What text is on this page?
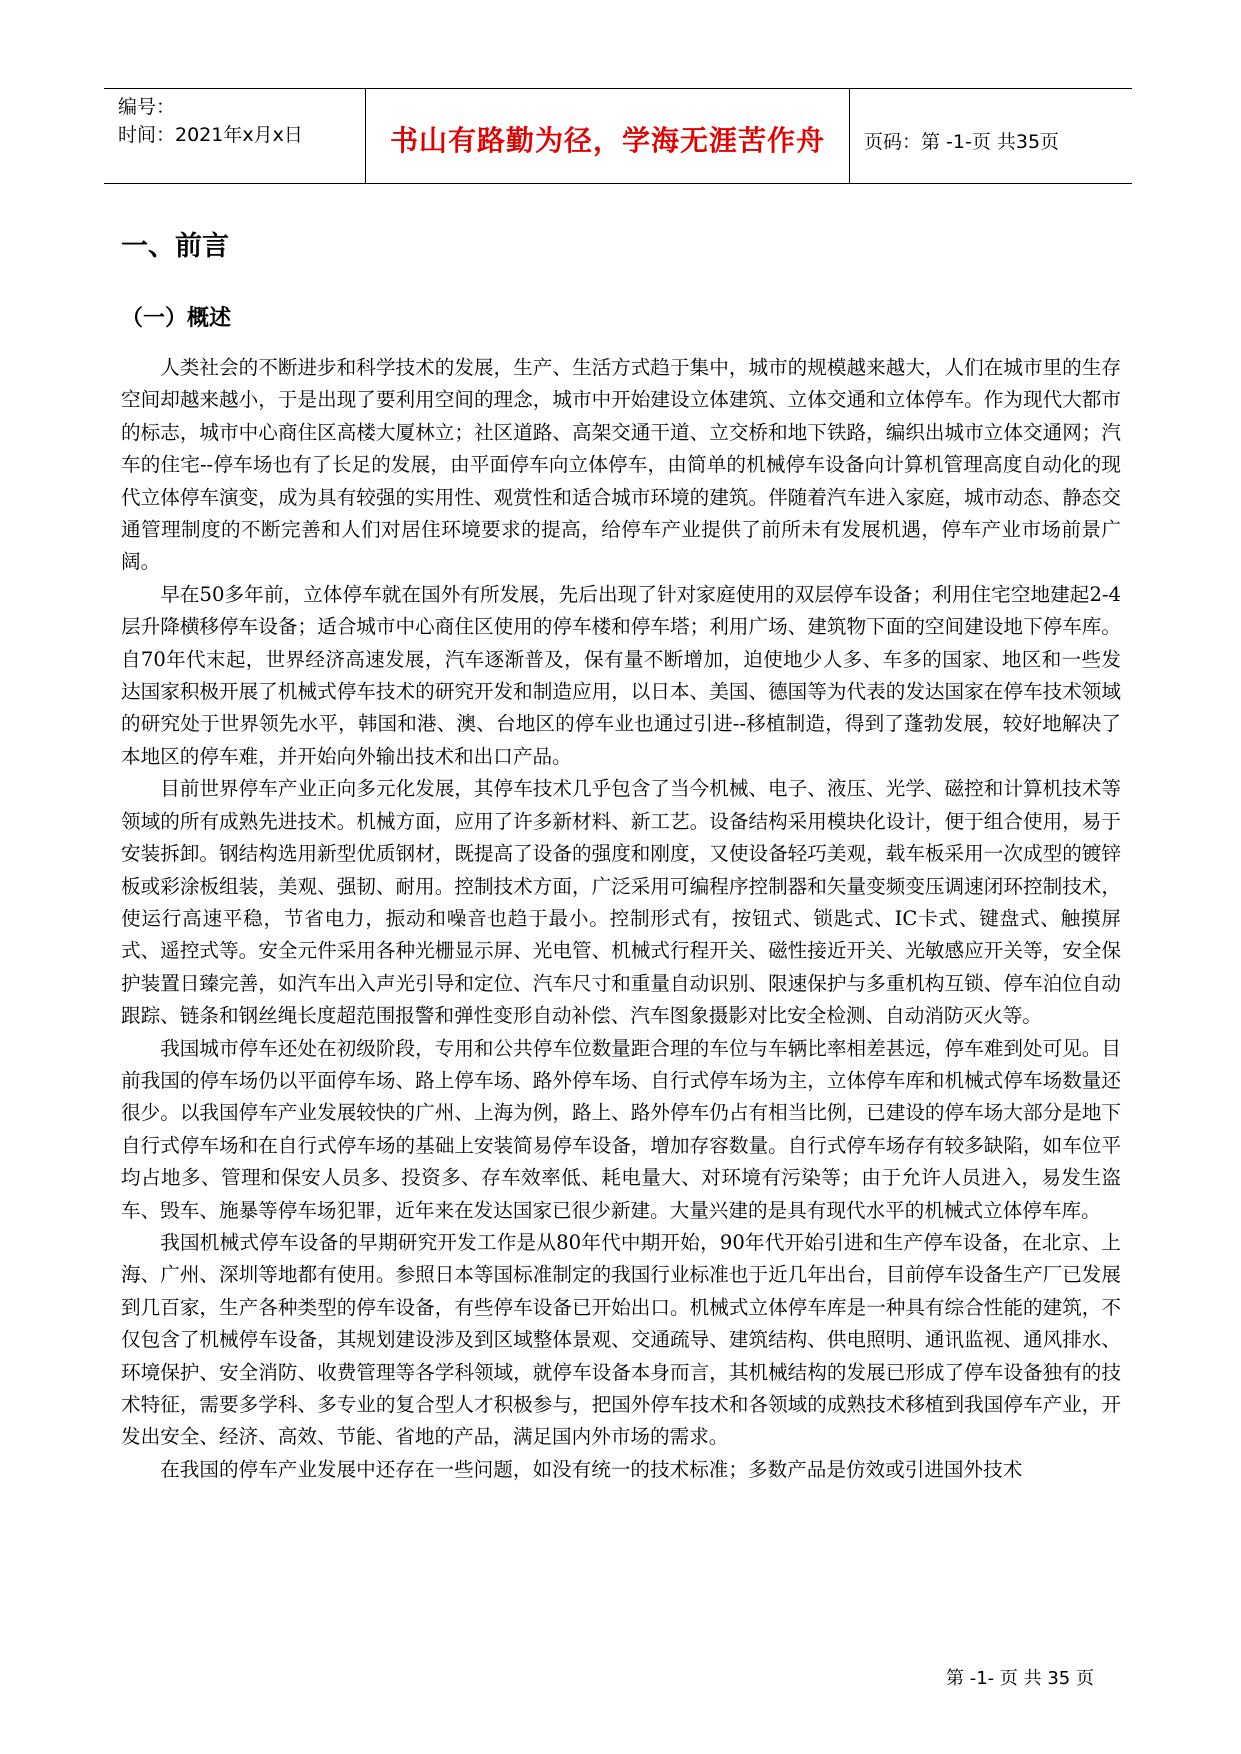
编号：
时间：2021年x月x日	书山有路勤为径，学海无涯苦作舟	页码：第 -1-页 共35页
一、前言
（一）概述

人类社会的不断进步和科学技术的发展，生产、生活方式趋于集中，城市的规模越来越大，人们在城市里的生存空间却越来越小，于是出现了要利用空间的理念，城市中开始建设立体建筑、立体交通和立体停车。作为现代大都市的标志，城市中心商住区高楼大厦林立；社区道路、高架交通干道、立交桥和地下铁路，编织出城市立体交通网；汽车的住宅--停车场也有了长足的发展，由平面停车向立体停车，由简单的机械停车设备向计算机管理高度自动化的现代立体停车演变，成为具有较强的实用性、观赏性和适合城市环境的建筑。伴随着汽车进入家庭，城市动态、静态交通管理制度的不断完善和人们对居住环境要求的提高，给停车产业提供了前所未有发展机遇，停车产业市场前景广阔。

早在50多年前，立体停车就在国外有所发展，先后出现了针对家庭使用的双层停车设备；利用住宅空地建起2-4层升降横移停车设备；适合城市中心商住区使用的停车楼和停车塔；利用广场、建筑物下面的空间建设地下停车库。自70年代末起，世界经济高速发展，汽车逐渐普及，保有量不断增加，迫使地少人多、车多的国家、地区和一些发达国家积极开展了机械式停车技术的研究开发和制造应用，以日本、美国、德国等为代表的发达国家在停车技术领域的研究处于世界领先水平，韩国和港、澳、台地区的停车业也通过引进--移植制造，得到了蓬勃发展，较好地解决了本地区的停车难，并开始向外输出技术和出口产品。

目前世界停车产业正向多元化发展，其停车技术几乎包含了当今机械、电子、液压、光学、磁控和计算机技术等领域的所有成熟先进技术。机械方面，应用了许多新材料、新工艺。设备结构采用模块化设计，便于组合使用，易于安装拆卸。钢结构选用新型优质钢材，既提高了设备的强度和刚度，又使设备轻巧美观，载车板采用一次成型的镀锌板或彩涂板组装，美观、强韧、耐用。控制技术方面，广泛采用可编程序控制器和矢量变频变压调速闭环控制技术，使运行高速平稳，节省电力，振动和噪音也趋于最小。控制形式有，按钮式、锁匙式、IC卡式、键盘式、触摸屏式、遥控式等。安全元件采用各种光栅显示屏、光电管、机械式行程开关、磁性接近开关、光敏感应开关等，安全保护装置日臻完善，如汽车出入声光引导和定位、汽车尺寸和重量自动识别、限速保护与多重机构互锁、停车泊位自动跟踪、链条和钢丝绳长度超范围报警和弹性变形自动补偿、汽车图象摄影对比安全检测、自动消防灭火等。

我国城市停车还处在初级阶段，专用和公共停车位数量距合理的车位与车辆比率相差甚远，停车难到处可见。目前我国的停车场仍以平面停车场、路上停车场、路外停车场、自行式停车场为主，立体停车库和机械式停车场数量还很少。以我国停车产业发展较快的广州、上海为例，路上、路外停车仍占有相当比例，已建设的停车场大部分是地下自行式停车场和在自行式停车场的基础上安装简易停车设备，增加存容数量。自行式停车场存有较多缺陷，如车位平均占地多、管理和保安人员多、投资多、存车效率低、耗电量大、对环境有污染等；由于允许人员进入，易发生盗车、毁车、施暴等停车场犯罪，近年来在发达国家已很少新建。大量兴建的是具有现代水平的机械式立体停车库。

我国机械式停车设备的早期研究开发工作是从80年代中期开始，90年代开始引进和生产停车设备，在北京、上海、广州、深圳等地都有使用。参照日本等国标准制定的我国行业标准也于近几年出台，目前停车设备生产厂已发展到几百家，生产各种类型的停车设备，有些停车设备已开始出口。机械式立体停车库是一种具有综合性能的建筑，不仅包含了机械停车设备，其规划建设涉及到区域整体景观、交通疏导、建筑结构、供电照明、通讯监视、通风排水、环境保护、安全消防、收费管理等各学科领域，就停车设备本身而言，其机械结构的发展已形成了停车设备独有的技术特征，需要多学科、多专业的复合型人才积极参与，把国外停车技术和各领域的成熟技术移植到我国停车产业，开发出安全、经济、高效、节能、省地的产品，满足国内外市场的需求。

在我国的停车产业发展中还存在一些问题，如没有统一的技术标准；多数产品是仿效或引进国外技术

第 -1- 页 共 35 页
